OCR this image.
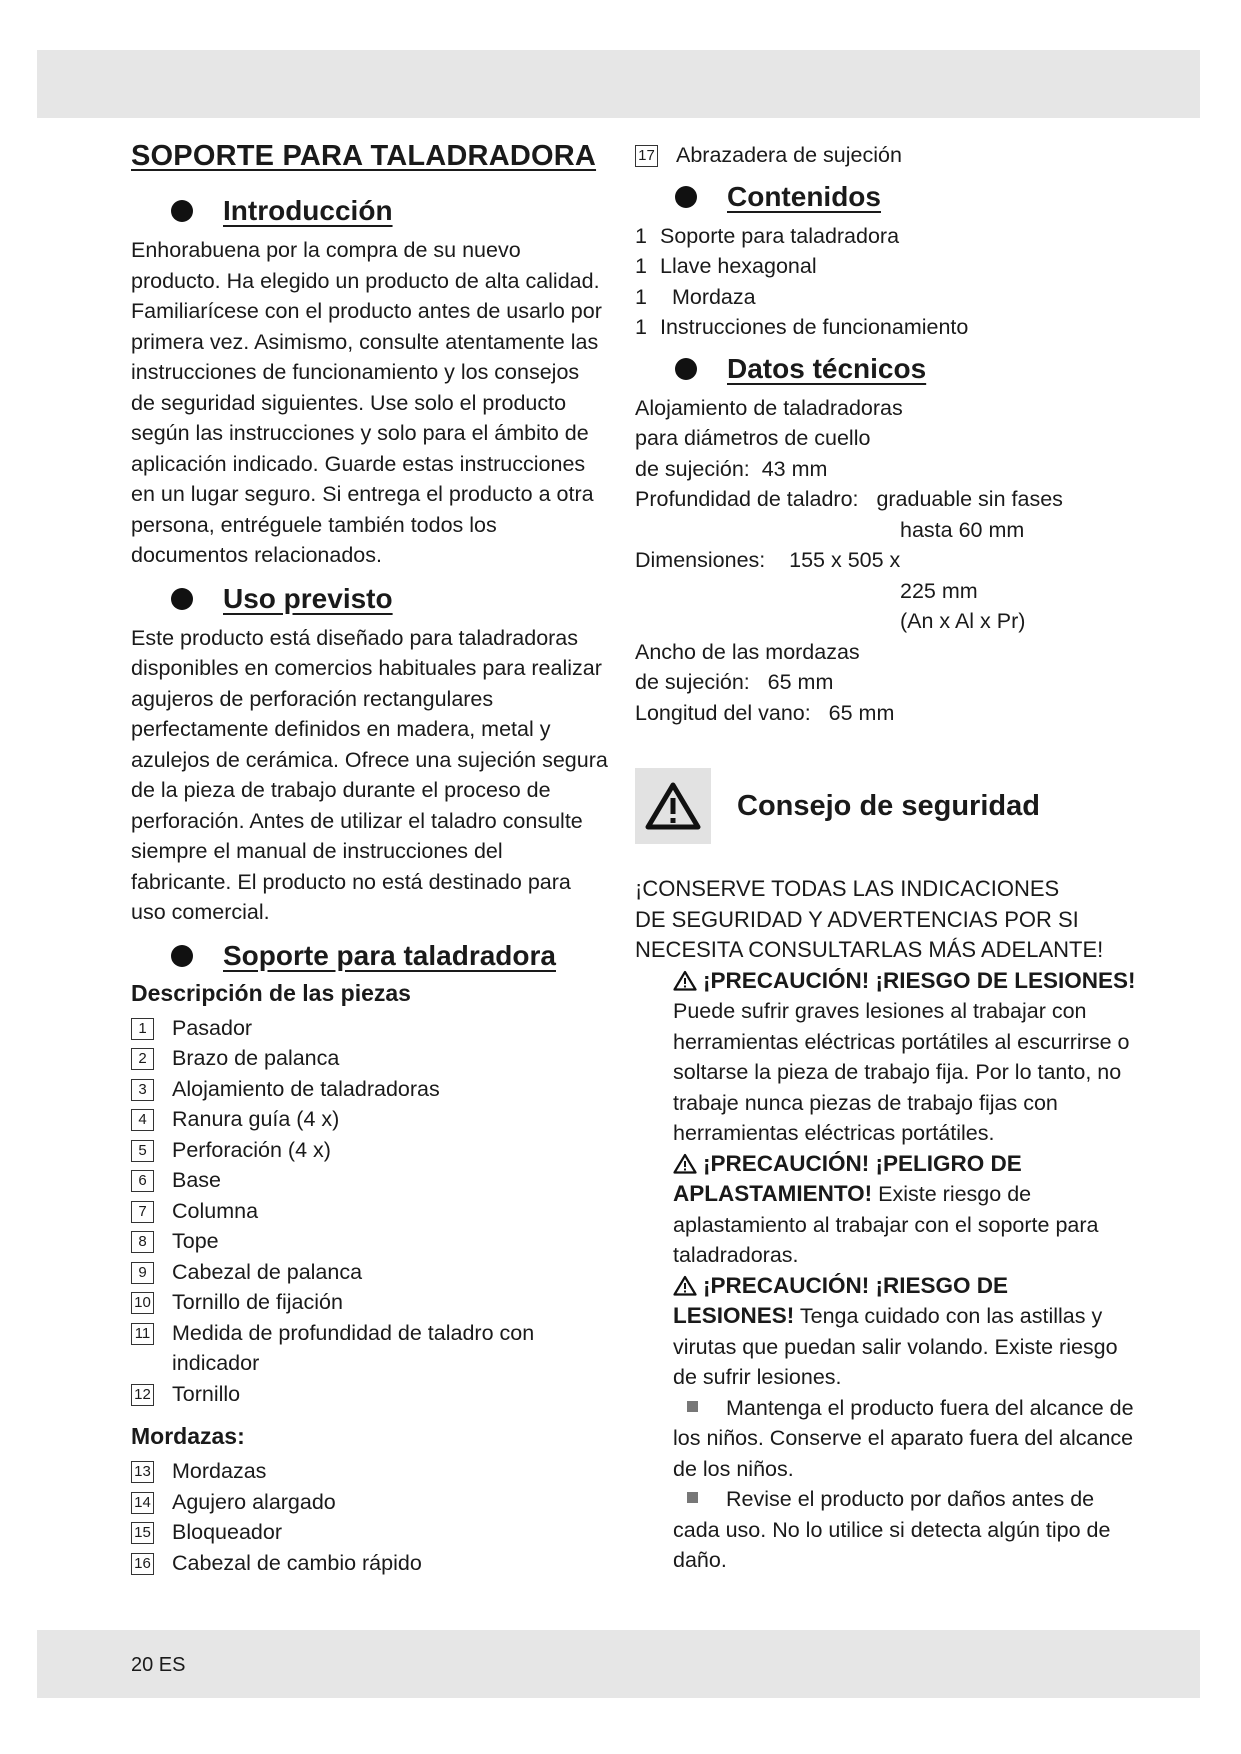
20 ES
SOPORTE PARA TALADRADORA
Introducción

Enhorabuena por la compra de su nuevo producto. Ha elegido un producto de alta calidad. Familiarícese con el producto antes de usarlo por primera vez. Asimismo, consulte atentamente las instrucciones de funcionamiento y los consejos de seguridad siguientes. Use solo el producto según las instrucciones y solo para el ámbito de aplicación indicado. Guarde estas instrucciones en un lugar seguro. Si entrega el producto a otra persona, entréguele también todos los documentos relacionados.

Uso previsto

Este producto está diseñado para taladradoras disponibles en comercios habituales para realizar agujeros de perforación rectangulares perfectamente definidos en madera, metal y azulejos de cerámica. Ofrece una sujeción segura de la pieza de trabajo durante el proceso de perforación. Antes de utilizar el taladro consulte siempre el manual de instrucciones del fabricante. El producto no está destinado para uso comercial.

Soporte para taladradora
Descripción de las piezas
1	Pasador
2	Brazo de palanca
3	Alojamiento de taladradoras
4	Ranura guía (4 x)
5	Perforación (4 x)
6	Base
7	Columna
8	Tope
9	Cabezal de palanca
10 Tornillo de fijación
11 Medida de profundidad de taladro con indicador
12 Tornillo
Mordazas:
13 Mordazas
14 Agujero alargado
15 Bloqueador
16 Cabezal de cambio rápido
17 Abrazadera de sujeción
Contenidos
1 Soporte para taladradora
1 Llave hexagonal
1 Mordaza
1 Instrucciones de funcionamiento
Datos técnicos
Alojamiento de taladradoras
para diámetros de cuello
de sujeción:  43 mm
Profundidad de taladro:   graduable sin fases
hasta 60 mm
Dimensiones:    155 x 505 x
225 mm
(An x Al x Pr)
Ancho de las mordazas
de sujeción:   65 mm
Longitud del vano:   65 mm
Consejo de seguridad
¡CONSERVE TODAS LAS INDICACIONES
DE SEGURIDAD Y ADVERTENCIAS POR SI
NECESITA CONSULTARLAS MÁS ADELANTE!
¡PRECAUCIÓN! ¡RIESGO DE LESIONES!
Puede sufrir graves lesiones al trabajar con herramientas eléctricas portátiles al escurrirse o soltarse la pieza de trabajo fija. Por lo tanto, no trabaje nunca piezas de trabajo fijas con herramientas eléctricas portátiles.
¡PRECAUCIÓN! ¡PELIGRO DE
APLASTAMIENTO! Existe riesgo de aplastamiento al trabajar con el soporte para taladradoras.
¡PRECAUCIÓN! ¡RIESGO DE
LESIONES! Tenga cuidado con las astillas y virutas que puedan salir volando. Existe riesgo de sufrir lesiones.
Mantenga el producto fuera del alcance de los niños. Conserve el aparato fuera del alcance de los niños.
Revise el producto por daños antes de cada uso. No lo utilice si detecta algún tipo de daño.
